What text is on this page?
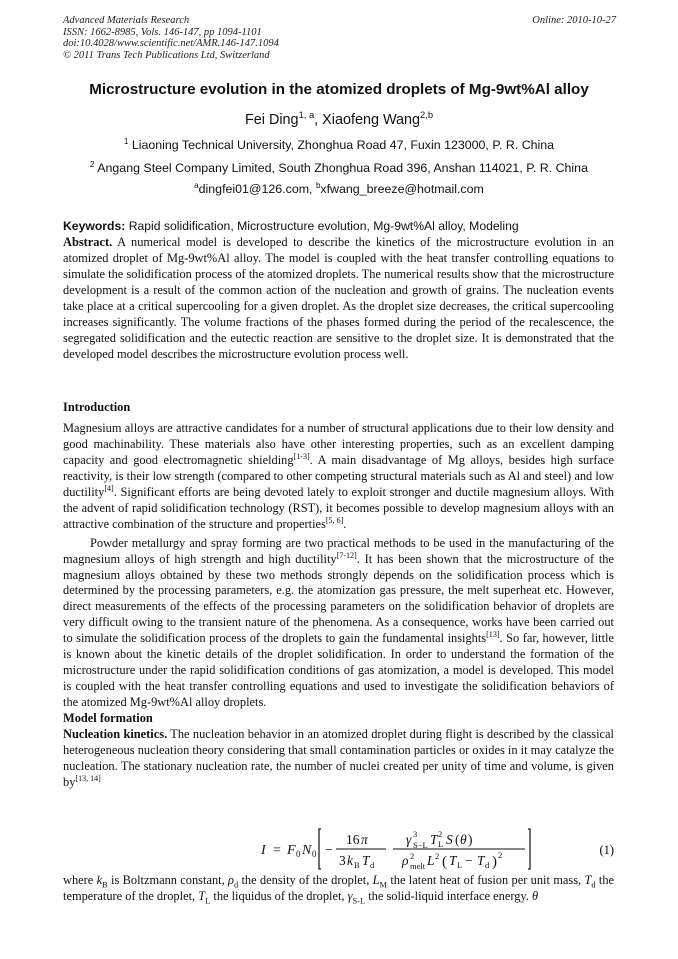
Advanced Materials Research
ISSN: 1662-8985, Vols. 146-147, pp 1094-1101
doi:10.4028/www.scientific.net/AMR.146-147.1094
© 2011 Trans Tech Publications Ltd, Switzerland
Online: 2010-10-27
Microstructure evolution in the atomized droplets of Mg-9wt%Al alloy
Fei Ding$^{1, a}$, Xiaofeng Wang$^{2,b}$
$^1$ Liaoning Technical University, Zhonghua Road 47, Fuxin 123000, P. R. China
$^2$ Angang Steel Company Limited, South Zhonghua Road 396, Anshan 114021, P. R. China
$^a$dingfei01@126.com, $^b$xfwang_breeze@hotmail.com
Keywords: Rapid solidification, Microstructure evolution, Mg-9wt%Al alloy, Modeling

Abstract. A numerical model is developed to describe the kinetics of the microstructure evolution in an atomized droplet of Mg-9wt%Al alloy. The model is coupled with the heat transfer controlling equations to simulate the solidification process of the atomized droplets. The numerical results show that the microstructure development is a result of the common action of the nucleation and growth of grains. The nucleation events take place at a critical supercooling for a given droplet. As the droplet size decreases, the critical supercooling increases significantly. The volume fractions of the phases formed during the period of the recalescence, the segregated solidification and the eutectic reaction are sensitive to the droplet size. It is demonstrated that the developed model describes the microstructure evolution process well.

Introduction

Magnesium alloys are attractive candidates for a number of structural applications due to their low density and good machinability. These materials also have other interesting properties, such as an excellent damping capacity and good electromagnetic shielding[1-3]. A main disadvantage of Mg alloys, besides high surface reactivity, is their low strength (compared to other competing structural materials such as Al and steel) and low ductility[4]. Significant efforts are being devoted lately to exploit stronger and ductile magnesium alloys. With the advent of rapid solidification technology (RST), it becomes possible to develop magnesium alloys with an attractive combination of the structure and properties[5, 6].

Powder metallurgy and spray forming are two practical methods to be used in the manufacturing of the magnesium alloys of high strength and high ductility[7-12]. It has been shown that the microstructure of the magnesium alloys obtained by these two methods strongly depends on the solidification process which is determined by the processing parameters, e.g. the atomization gas pressure, the melt superheat etc. However, direct measurements of the effects of the processing parameters on the solidification behavior of droplets are very difficult owing to the transient nature of the phenomena. As a consequence, works have been carried out to simulate the solidification process of the droplets to gain the fundamental insights[13]. So far, however, little is known about the kinetic details of the droplet solidification. In order to understand the formation of the microstructure under the rapid solidification conditions of gas atomization, a model is developed. This model is coupled with the heat transfer controlling equations and used to investigate the solidification behaviors of the atomized Mg-9wt%Al alloy droplets.

Model formation

Nucleation kinetics. The nucleation behavior in an atomized droplet during flight is described by the classical heterogeneous nucleation theory considering that small contamination particles or oxides in it may catalyze the nucleation. The stationary nucleation rate, the number of nuclei created per unity of time and volume, is given by[13, 14]

I = F 0 N 0 −
16 π
3 k B T d
γ 3
S−L T 2
L S ( θ )
ρ 2
melt L 2 ( T L − T d ) 2	(1)

where $k_B$ is Boltzmann constant, $\rho_d$ the density of the droplet, $L_M$ the latent heat of fusion per unit mass, $T_d$ the temperature of the droplet, $T_L$ the liquidus of the droplet, $\gamma_{S-L}$ the solid-liquid interface energy. θ
